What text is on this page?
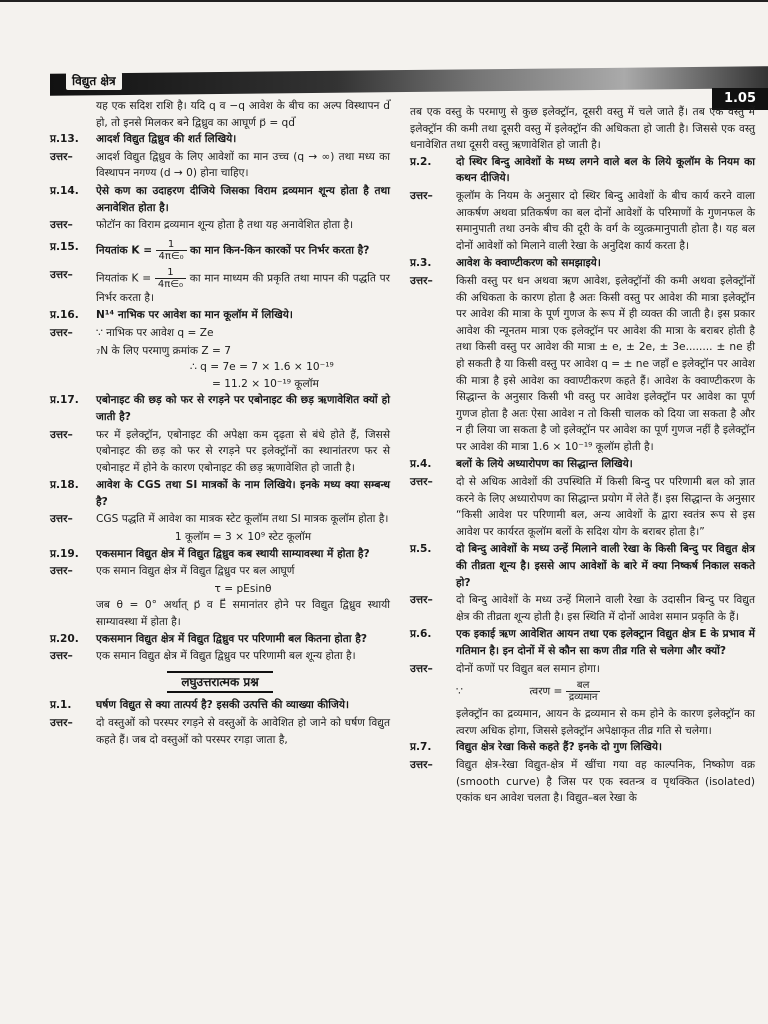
विद्युत क्षेत्र
1.05

यह एक सदिश राशि है। यदि q व −q आवेश के बीच का अल्प विस्थापन d⃗ हो, तो इनसे मिलकर बने द्विध्रुव का आघूर्ण p⃗ = qd⃗

प्र.13. आदर्श विद्युत द्विध्रुव की शर्त लिखिये।
उत्तर– आदर्श विद्युत द्विध्रुव के लिए आवेशों का मान उच्च (q → ∞) तथा मध्य का विस्थापन नगण्य (d → 0) होना चाहिए।
प्र.14. ऐसे कण का उदाहरण दीजिये जिसका विराम द्रव्यमान शून्य होता है तथा अनावेशित होता है।
उत्तर– फोटॉन का विराम द्रव्यमान शून्य होता है तथा यह अनावेशित होता है।
प्र.15. नियतांक $K = \frac{1}{\text{4π∈₀}}$ का मान किन-किन कारकों पर निर्भर करता है?
उत्तर– नियतांक $K = \frac{1}{\text{4π∈₀}}$ का मान माध्यम की प्रकृति तथा मापन की पद्धति पर निर्भर करता है।
प्र.16. N¹⁴ नाभिक पर आवेश का मान कूलॉम में लिखिये।
उत्तर– ∵ नाभिक पर आवेश q = Ze

₇N के लिए परमाणु क्रमांक Z = 7

∴ q = 7e = 7 × 1.6 × 10⁻¹⁹

= 11.2 × 10⁻¹⁹ कूलॉम

प्र.17. एबोनाइट की छड़ को फर से रगड़ने पर एबोनाइट की छड़ ऋणावेशित क्यों हो जाती है?
उत्तर– फर में इलेक्ट्रॉन, एबोनाइट की अपेक्षा कम दृढ़ता से बंधे होते हैं, जिससे एबोनाइट की छड़ को फर से रगड़ने पर इलेक्ट्रॉनों का स्थानांतरण फर से एबोनाइट में होने के कारण एबोनाइट की छड़ ऋणावेशित हो जाती है।
प्र.18. आवेश के CGS तथा SI मात्रकों के नाम लिखिये। इनके मध्य क्या सम्बन्ध है?
उत्तर– CGS पद्धति में आवेश का मात्रक स्टेट कूलॉम तथा SI मात्रक कूलॉम होता है।

1 कूलॉम = 3 × 10⁹ स्टेट कूलॉम

प्र.19. एकसमान विद्युत क्षेत्र में विद्युत द्विध्रुव कब स्थायी साम्यावस्था में होता है?
उत्तर– एक समान विद्युत क्षेत्र में विद्युत द्विध्रुव पर बल आघूर्ण

τ = pEsinθ

जब θ = 0° अर्थात् p⃗ व E⃗ समानांतर होने पर विद्युत द्विध्रुव स्थायी साम्यावस्था में होता है।

प्र.20. एकसमान विद्युत क्षेत्र में विद्युत द्विध्रुव पर परिणामी बल कितना होता है?
उत्तर– एक समान विद्युत क्षेत्र में विद्युत द्विध्रुव पर परिणामी बल शून्य होता है।
लघुउत्तरात्मक प्रश्न
प्र.1. घर्षण विद्युत से क्या तात्पर्य है? इसकी उत्पत्ति की व्याख्या कीजिये।
उत्तर– दो वस्तुओं को परस्पर रगड़ने से वस्तुओं के आवेशित हो जाने को घर्षण विद्युत कहते हैं। जब दो वस्तुओं को परस्पर रगड़ा जाता है,

तब एक वस्तु के परमाणु से कुछ इलेक्ट्रॉन, दूसरी वस्तु में चले जाते हैं। तब एक वस्तु में इलेक्ट्रॉन की कमी तथा दूसरी वस्तु में इलेक्ट्रॉन की अधिकता हो जाती है। जिससे एक वस्तु धनावेशित तथा दूसरी वस्तु ऋणावेशित हो जाती है।

प्र.2. दो स्थिर बिन्दु आवेशों के मध्य लगने वाले बल के लिये कूलॉम के नियम का कथन दीजिये।
उत्तर– कूलॉम के नियम के अनुसार दो स्थिर बिन्दु आवेशों के बीच कार्य करने वाला आकर्षण अथवा प्रतिकर्षण का बल दोनों आवेशों के परिमाणों के गुणनफल के समानुपाती तथा उनके बीच की दूरी के वर्ग के व्युत्क्रमानुपाती होता है। यह बल दोनों आवेशों को मिलाने वाली रेखा के अनुदिश कार्य करता है।
प्र.3. आवेश के क्वाण्टीकरण को समझाइये।
उत्तर– किसी वस्तु पर धन अथवा ऋण आवेश, इलेक्ट्रॉनों की कमी अथवा इलेक्ट्रॉनों की अधिकता के कारण होता है अतः किसी वस्तु पर आवेश की मात्रा इलेक्ट्रॉन पर आवेश की मात्रा के पूर्ण गुणज के रूप में ही व्यक्त की जाती है। इस प्रकार आवेश की न्यूनतम मात्रा एक इलेक्ट्रॉन पर आवेश की मात्रा के बराबर होती है तथा किसी वस्तु पर आवेश की मात्रा ± e, ± 2e, ± 3e........ ± ne ही हो सकती है या किसी वस्तु पर आवेश q = ± ne जहाँ e इलेक्ट्रॉन पर आवेश की मात्रा है इसे आवेश का क्वाण्टीकरण कहते हैं। आवेश के क्वाण्टीकरण के सिद्धान्त के अनुसार किसी भी वस्तु पर आवेश इलेक्ट्रॉन पर आवेश का पूर्ण गुणज होता है अतः ऐसा आवेश न तो किसी चालक को दिया जा सकता है और न ही लिया जा सकता है जो इलेक्ट्रॉन पर आवेश का पूर्ण गुणज नहीं है इलेक्ट्रॉन पर आवेश की मात्रा 1.6 × 10⁻¹⁹ कूलॉम होती है।
प्र.4. बलों के लिये अध्यारोपण का सिद्धान्त लिखिये।
उत्तर– दो से अधिक आवेशों की उपस्थिति में किसी बिन्दु पर परिणामी बल को ज्ञात करने के लिए अध्यारोपण का सिद्धान्त प्रयोग में लेते हैं। इस सिद्धान्त के अनुसार “किसी आवेश पर परिणामी बल, अन्य आवेशों के द्वारा स्वतंत्र रूप से इस आवेश पर कार्यरत कूलॉम बलों के सदिश योग के बराबर होता है।”
प्र.5. दो बिन्दु आवेशों के मध्य उन्हें मिलाने वाली रेखा के किसी बिन्दु पर विद्युत क्षेत्र की तीव्रता शून्य है। इससे आप आवेशों के बारे में क्या निष्कर्ष निकाल सकते हो?
उत्तर– दो बिन्दु आवेशों के मध्य उन्हें मिलाने वाली रेखा के उदासीन बिन्दु पर विद्युत क्षेत्र की तीव्रता शून्य होती है। इस स्थिति में दोनों आवेश समान प्रकृति के हैं।
प्र.6. एक इकाई ऋण आवेशित आयन तथा एक इलेक्ट्रान विद्युत क्षेत्र E के प्रभाव में गतिमान है। इन दोनों में से कौन सा कण तीव्र गति से चलेगा और क्यों?
उत्तर– दोनों कणों पर विद्युत बल समान होगा।

∵	त्वरण = $\frac{\text{बल}}{\text{द्रव्यमान}}$

इलेक्ट्रॉन का द्रव्यमान, आयन के द्रव्यमान से कम होने के कारण इलेक्ट्रॉन का त्वरण अधिक होगा, जिससे इलेक्ट्रॉन अपेक्षाकृत तीव्र गति से चलेगा।

प्र.7. विद्युत क्षेत्र रेखा किसे कहते हैं? इनके दो गुण लिखिये।
उत्तर– विद्युत क्षेत्र-रेखा विद्युत-क्षेत्र में खींचा गया वह काल्पनिक, निष्कोण वक्र (smooth curve) है जिस पर एक स्वतन्त्र व पृथक्कित (isolated) एकांक धन आवेश चलता है। विद्युत–बल रेखा के
